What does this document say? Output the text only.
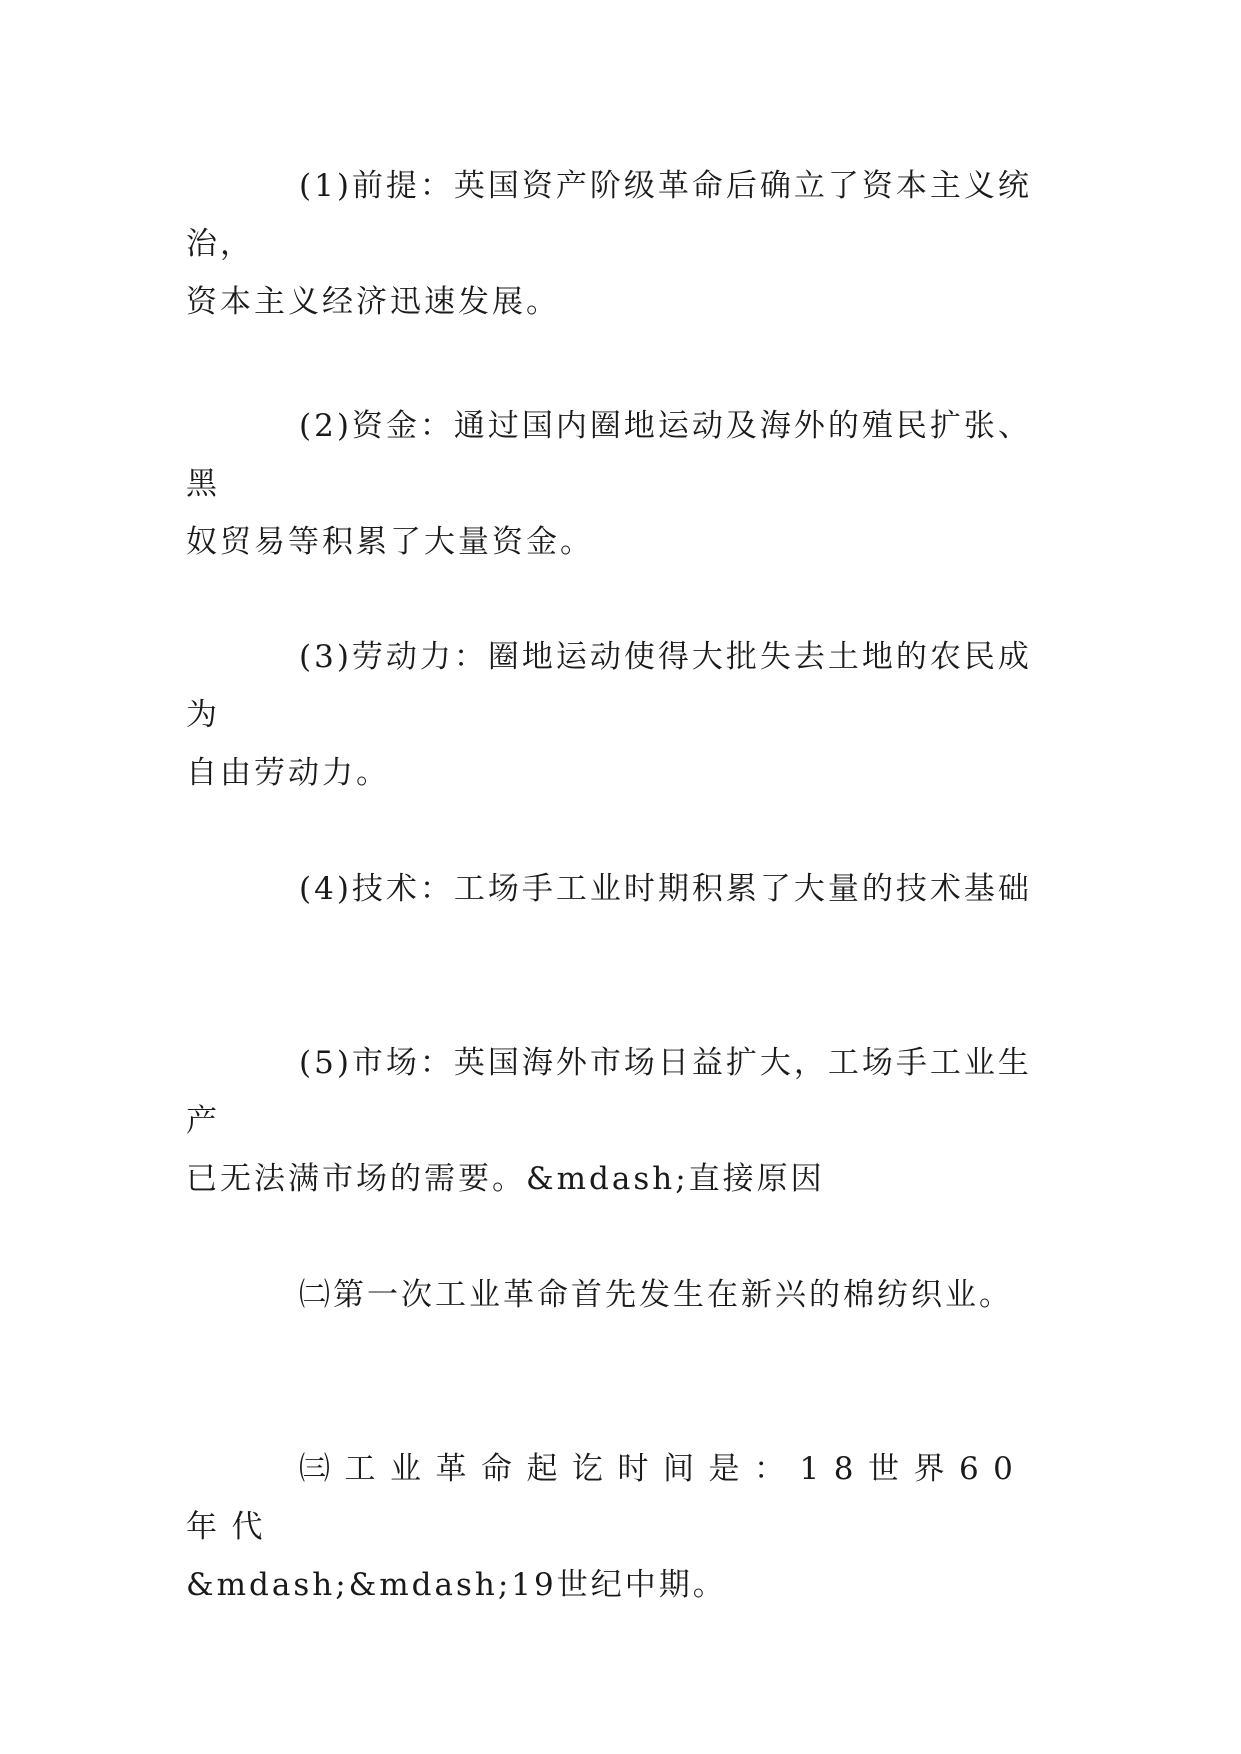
(1)前提：英国资产阶级革命后确立了资本主义统治，
资本主义经济迅速发展。

(2)资金：通过国内圈地运动及海外的殖民扩张、黑
奴贸易等积累了大量资金。

(3)劳动力：圈地运动使得大批失去土地的农民成为
自由劳动力。

(4)技术：工场手工业时期积累了大量的技术基础

(5)市场：英国海外市场日益扩大，工场手工业生产
已无法满市场的需要。&mdash;直接原因

㈡第一次工业革命首先发生在新兴的棉纺织业。

㈢工业革命起讫时间是：18世界60年代
&mdash;&mdash;19世纪中期。
